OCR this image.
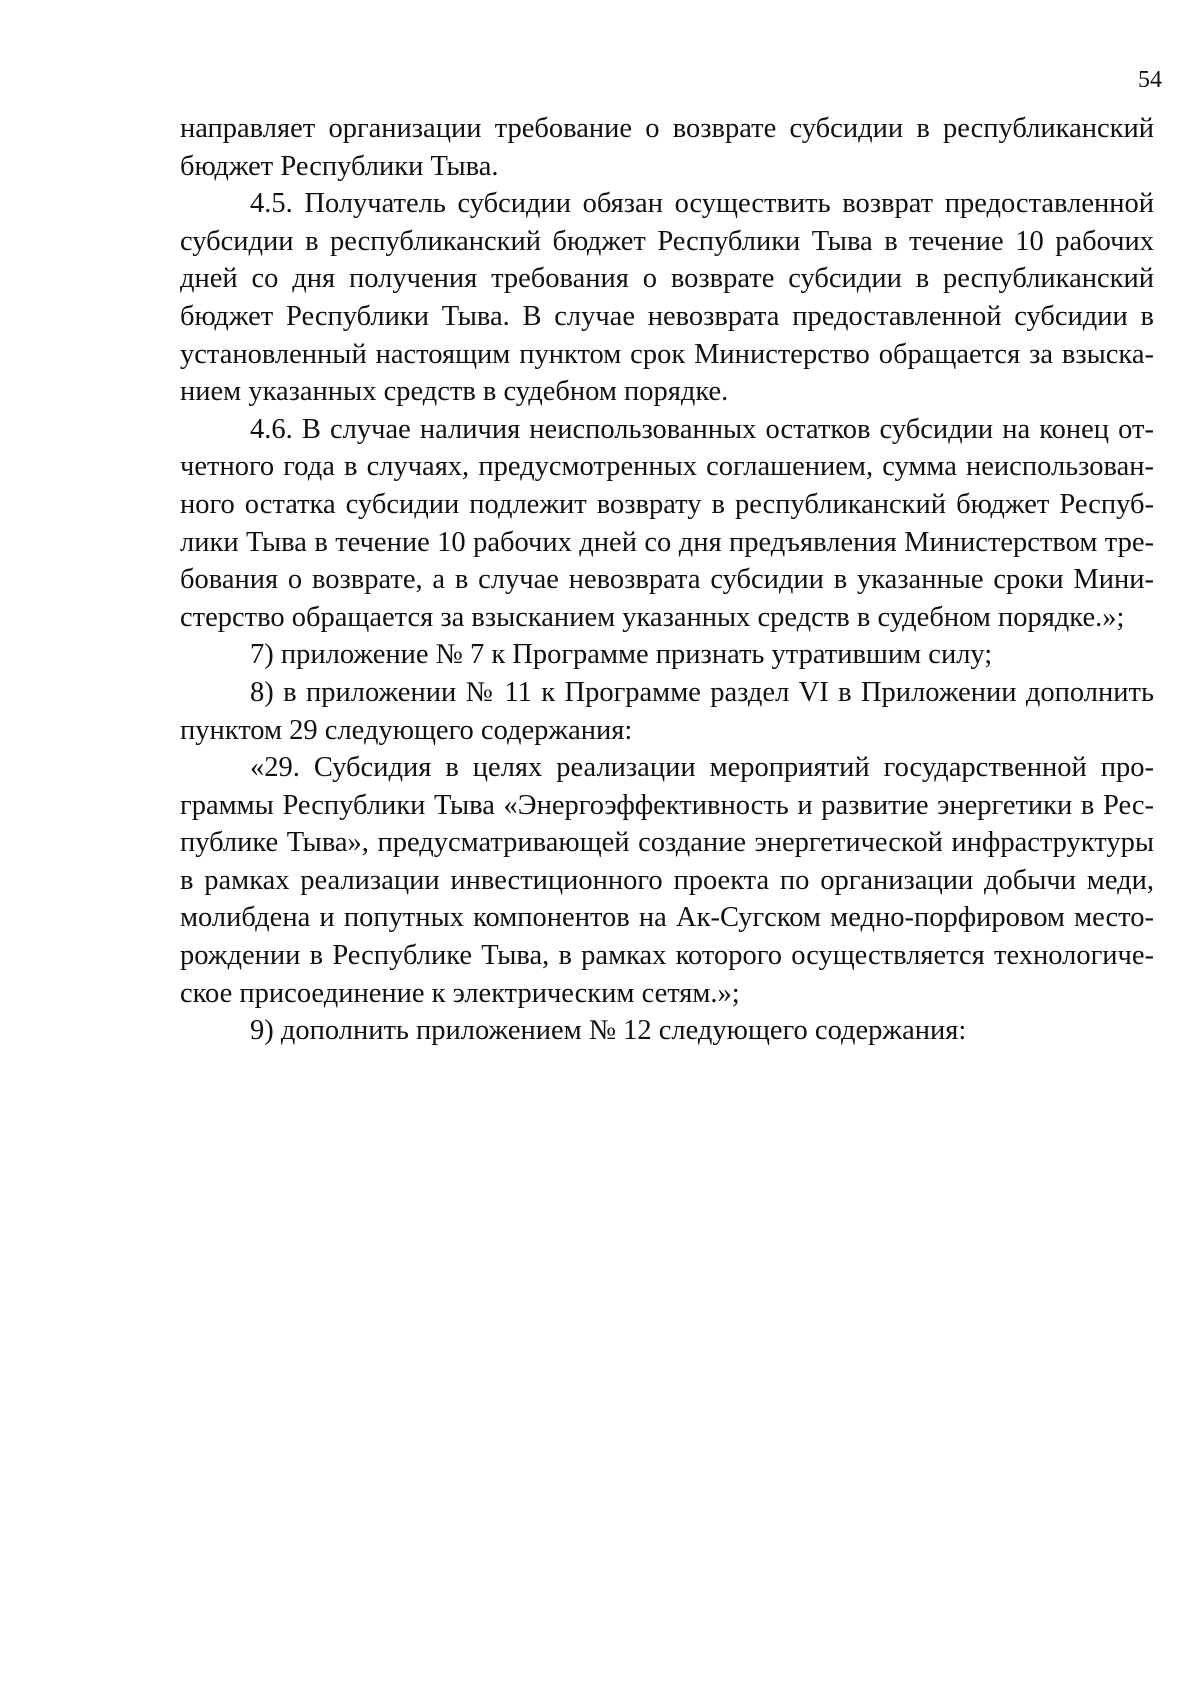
54

направляет организации требование о возврате субсидии в республиканский бюджет Республики Тыва.

4.5. Получатель субсидии обязан осуществить возврат предоставленной субсидии в республиканский бюджет Республики Тыва в течение 10 рабочих дней со дня получения требования о возврате субсидии в республиканский бюджет Республики Тыва. В случае невозврата предоставленной субсидии в установленный настоящим пунктом срок Министерство обращается за взысканием указанных средств в судебном порядке.

4.6. В случае наличия неиспользованных остатков субсидии на конец отчетного года в случаях, предусмотренных соглашением, сумма неиспользованного остатка субсидии подлежит возврату в республиканский бюджет Республики Тыва в течение 10 рабочих дней со дня предъявления Министерством требования о возврате, а в случае невозврата субсидии в указанные сроки Министерство обращается за взысканием указанных средств в судебном порядке.»;

7) приложение № 7 к Программе признать утратившим силу;

8) в приложении № 11 к Программе раздел VI в Приложении дополнить пунктом 29 следующего содержания:

«29. Субсидия в целях реализации мероприятий государственной программы Республики Тыва «Энергоэффективность и развитие энергетики в Республике Тыва», предусматривающей создание энергетической инфраструктуры в рамках реализации инвестиционного проекта по организации добычи меди, молибдена и попутных компонентов на Ак-Сугском медно-порфировом месторождении в Республике Тыва, в рамках которого осуществляется технологическое присоединение к электрическим сетям.»;

9) дополнить приложением № 12 следующего содержания:
